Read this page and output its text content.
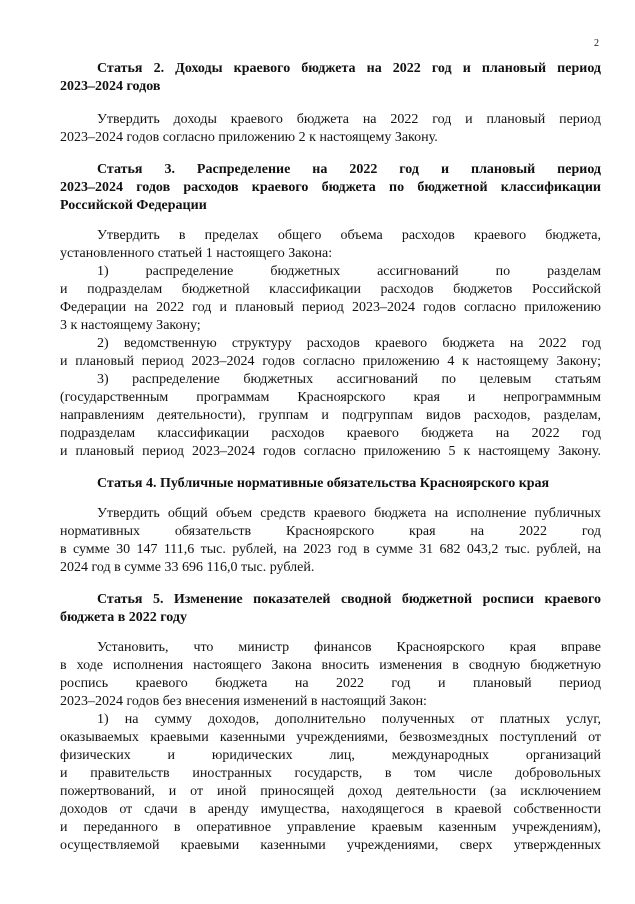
2
Статья 2. Доходы краевого бюджета на 2022 год и плановый период
2023–2024 годов
Утвердить доходы краевого бюджета на 2022 год и плановый период
2023–2024 годов согласно приложению 2 к настоящему Закону.
Статья 3. Распределение на 2022 год и плановый период
2023–2024 годов расходов краевого бюджета по бюджетной классификации
Российской Федерации
Утвердить в пределах общего объема расходов краевого бюджета,
установленного статьей 1 настоящего Закона:
1) распределение бюджетных ассигнований по разделам
и подразделам бюджетной классификации расходов бюджетов Российской
Федерации на 2022 год и плановый период 2023–2024 годов согласно приложению
3 к настоящему Закону;
2) ведомственную структуру расходов краевого бюджета на 2022 год
и плановый период 2023–2024 годов согласно приложению 4 к настоящему Закону;
3) распределение бюджетных ассигнований по целевым статьям
(государственным программам Красноярского края и непрограммным
направлениям деятельности), группам и подгруппам видов расходов, разделам,
подразделам классификации расходов краевого бюджета на 2022 год
и плановый период 2023–2024 годов согласно приложению 5 к настоящему Закону.
Статья 4. Публичные нормативные обязательства Красноярского края
Утвердить общий объем средств краевого бюджета на исполнение публичных
нормативных обязательств Красноярского края на 2022 год
в сумме 30 147 111,6 тыс. рублей, на 2023 год в сумме 31 682 043,2 тыс. рублей, на
2024 год в сумме 33 696 116,0 тыс. рублей.
Статья 5. Изменение показателей сводной бюджетной росписи краевого
бюджета в 2022 году
Установить, что министр финансов Красноярского края вправе
в ходе исполнения настоящего Закона вносить изменения в сводную бюджетную
роспись краевого бюджета на 2022 год и плановый период
2023–2024 годов без внесения изменений в настоящий Закон:
1) на сумму доходов, дополнительно полученных от платных услуг,
оказываемых краевыми казенными учреждениями, безвозмездных поступлений от
физических и юридических лиц, международных организаций
и правительств иностранных государств, в том числе добровольных
пожертвований, и от иной приносящей доход деятельности (за исключением
доходов от сдачи в аренду имущества, находящегося в краевой собственности
и переданного в оперативное управление краевым казенным учреждениям),
осуществляемой краевыми казенными учреждениями, сверх утвержденных
